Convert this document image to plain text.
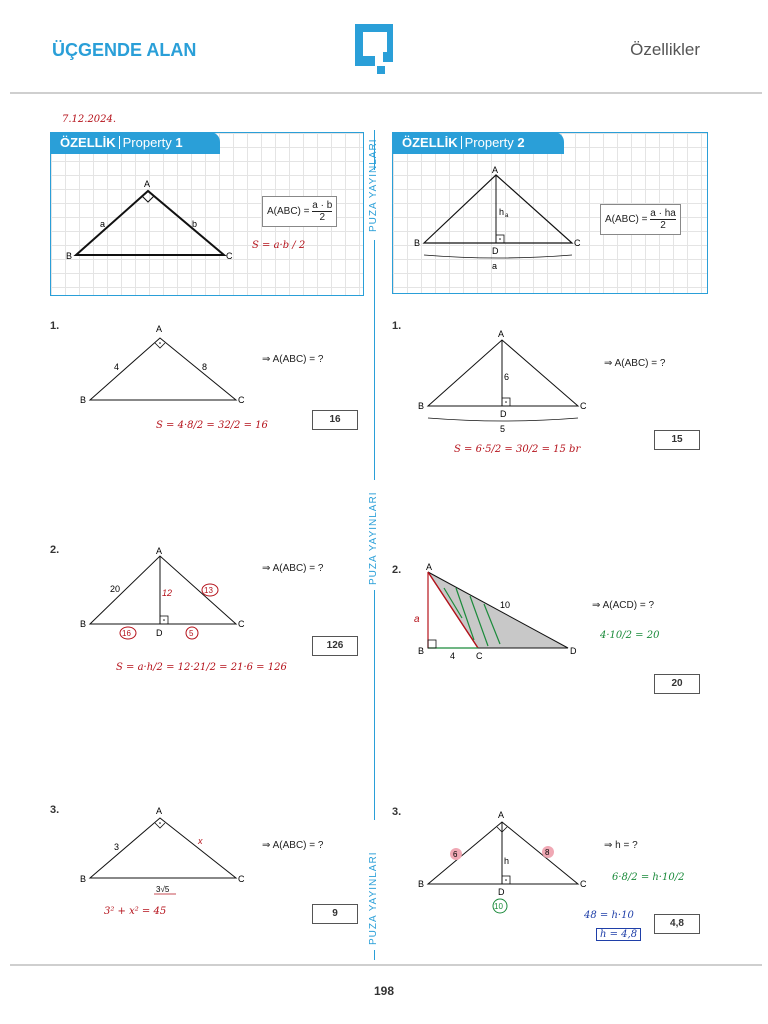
ÜÇGENDE ALAN	Özellikler
7.12.2024.
PUZA YAYINLARI
PUZA YAYINLARI
PUZA YAYINLARI
ÖZELLİK Property 1
A
B	C
a	b
$A(ABC) = \frac{a \cdot b}{2}$
S = a·b / 2
ÖZELLİK Property 2
A
B	C
D
h a
a
$A(ABC) = \frac{a \cdot ha}{2}$
1.	A
B	C
4	8
⇒ A(ABC) = ?
16
S = 4·8/2 = 32/2 = 16
2.	A
B	C
D
20	12	13
16	5
⇒ A(ABC) = ?
126
S = a·h/2 = 12·21/2 = 21·6 = 126
3.	A
B	C
3
x
3√5
⇒ A(ABC) = ?
9
3² + x² = 45
1.
A
B	C
D
6
5
⇒ A(ABC) = ?
15
S = 6·5/2 = 30/2 = 15 br
2.	A
B	C	D
4
10
a
⇒ A(ACD) = ?
4·10/2 = 20
20
3.	A
B	C
D
h
6	8
10
⇒ h = ?
6·8/2 = h·10/2
48 = h·10
h = 4,8
4,8
198
